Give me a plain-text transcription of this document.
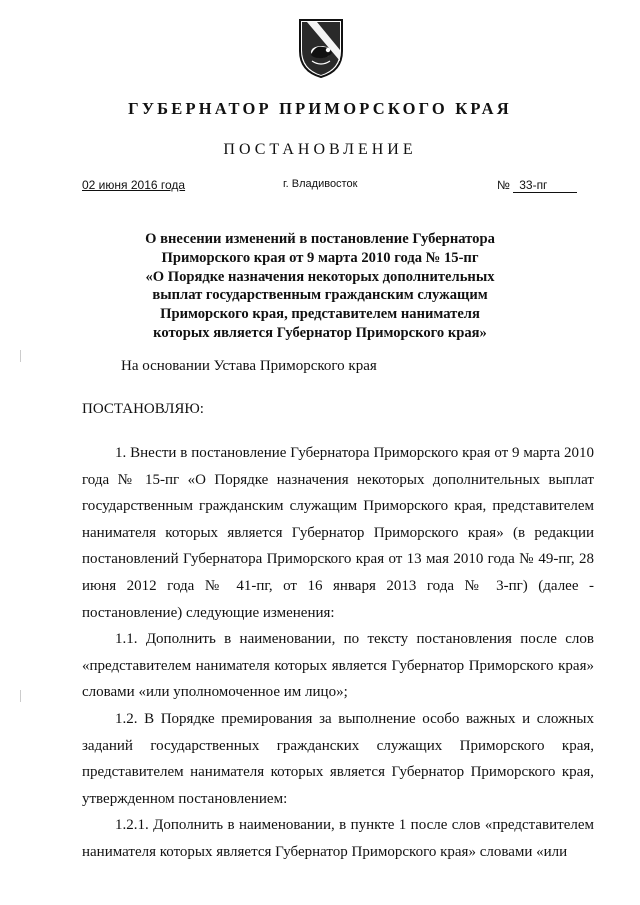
ГУБЕРНАТОР ПРИМОРСКОГО КРАЯ
ПОСТАНОВЛЕНИЕ
02 июня 2016 года	г. Владивосток	№ 33-пг
О внесении изменений в постановление Губернатора
Приморского края от 9 марта 2010 года № 15-пг
«О Порядке назначения некоторых дополнительных
выплат государственным гражданским служащим
Приморского края, представителем нанимателя
которых является Губернатор Приморского края»
На основании Устава Приморского края
ПОСТАНОВЛЯЮ:

1. Внести в постановление Губернатора Приморского края от 9 марта 2010 года № 15-пг «О Порядке назначения некоторых дополнительных выплат государственным гражданским служащим Приморского края, представителем нанимателя которых является Губернатор Приморского края» (в редакции постановлений Губернатора Приморского края от 13 мая 2010 года № 49-пг, 28 июня 2012 года № 41-пг, от 16 января 2013 года № 3-пг) (далее - постановление) следующие изменения:

1.1. Дополнить в наименовании, по тексту постановления после слов «представителем нанимателя которых является Губернатор Приморского края» словами «или уполномоченное им лицо»;

1.2. В Порядке премирования за выполнение особо важных и сложных заданий государственных гражданских служащих Приморского края, представителем нанимателя которых является Губернатор Приморского края, утвержденном постановлением:

1.2.1. Дополнить в наименовании, в пункте 1 после слов «представителем нанимателя которых является Губернатор Приморского края» словами «или
